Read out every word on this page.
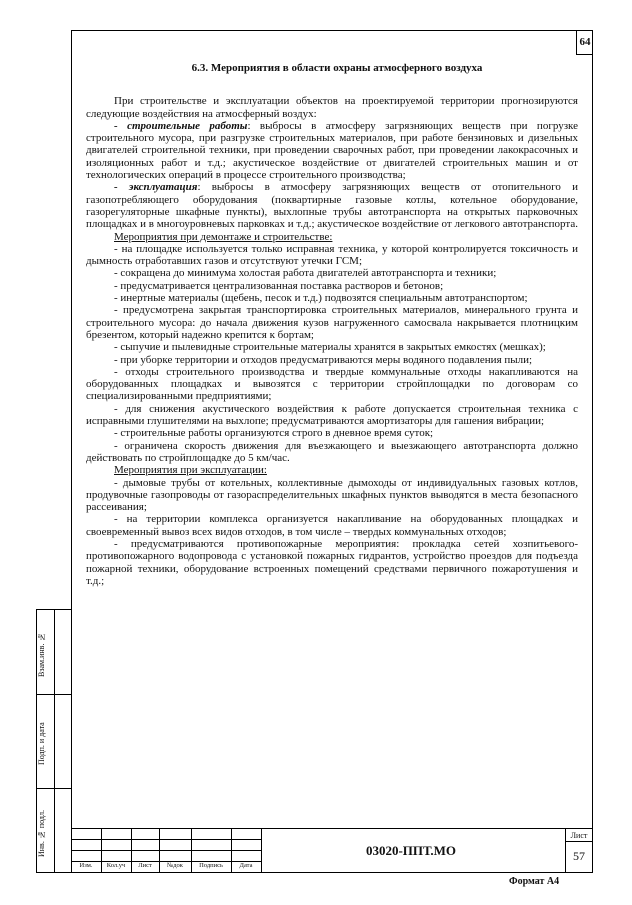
64
6.3. Мероприятия в области охраны атмосферного воздуха

При строительстве и эксплуатации объектов на проектируемой территории прогнозируются следующие воздействия на атмосферный воздух:

- строительные работы: выбросы в атмосферу загрязняющих веществ при погрузке строительного мусора, при разгрузке строительных материалов, при работе бензиновых и дизельных двигателей строительной техники, при проведении сварочных работ, при проведении лакокрасочных и изоляционных работ и т.д.; акустическое воздействие от двигателей строительных машин и от технологических операций в процессе строительного производства;

- эксплуатация: выбросы в атмосферу загрязняющих веществ от отопительного и газопотребляющего оборудования (поквартирные газовые котлы, котельное оборудование, газорегуляторные шкафные пункты), выхлопные трубы автотранспорта на открытых парковочных площадках и в многоуровневых парковках и т.д.; акустическое воздействие от легкового автотранспорта.

Мероприятия при демонтаже и строительстве:

- на площадке используется только исправная техника, у которой контролируется токсичность и дымность отработавших газов и отсутствуют утечки ГСМ;

- сокращена до минимума холостая работа двигателей автотранспорта и техники;

- предусматривается централизованная поставка растворов и бетонов;

- инертные материалы (щебень, песок и т.д.) подвозятся специальным автотранспортом;

- предусмотрена закрытая транспортировка строительных материалов, минерального грунта и строительного мусора: до начала движения кузов нагруженного самосвала накрывается плотницким брезентом, который надежно крепится к бортам;

- сыпучие и пылевидные строительные материалы хранятся в закрытых емкостях (мешках);

- при уборке территории и отходов предусматриваются меры водяного подавления пыли;

- отходы строительного производства и твердые коммунальные отходы накапливаются на оборудованных площадках и вывозятся с территории стройплощадки по договорам со специализированными предприятиями;

- для снижения акустического воздействия к работе допускается строительная техника с исправными глушителями на выхлопе; предусматриваются амортизаторы для гашения вибрации;

- строительные работы организуются строго в дневное время суток;

- ограничена скорость движения для въезжающего и выезжающего автотранспорта должно действовать по стройплощадке до 5 км/час.

Мероприятия при эксплуатации:

- дымовые трубы от котельных, коллективные дымоходы от индивидуальных газовых котлов, продувочные газопроводы от газораспределительных шкафных пунктов выводятся в места безопасного рассеивания;

- на территории комплекса организуется накапливание на оборудованных площадках и своевременный вывоз всех видов отходов, в том числе – твердых коммунальных отходов;

- предусматриваются противопожарные мероприятия: прокладка сетей хозпитьевого-противопожарного водопровода с установкой пожарных гидрантов, устройство проездов для подъезда пожарной техники, оборудование встроенных помещений средствами первичного пожаротушения и т.д.;

Взам.инв. №
Подп. и дата
Инв. № подл.
Изм.	Кол.уч	Лист	№док	Подпись	Дата
03020-ППТ.МО
Лист
57
Формат А4
